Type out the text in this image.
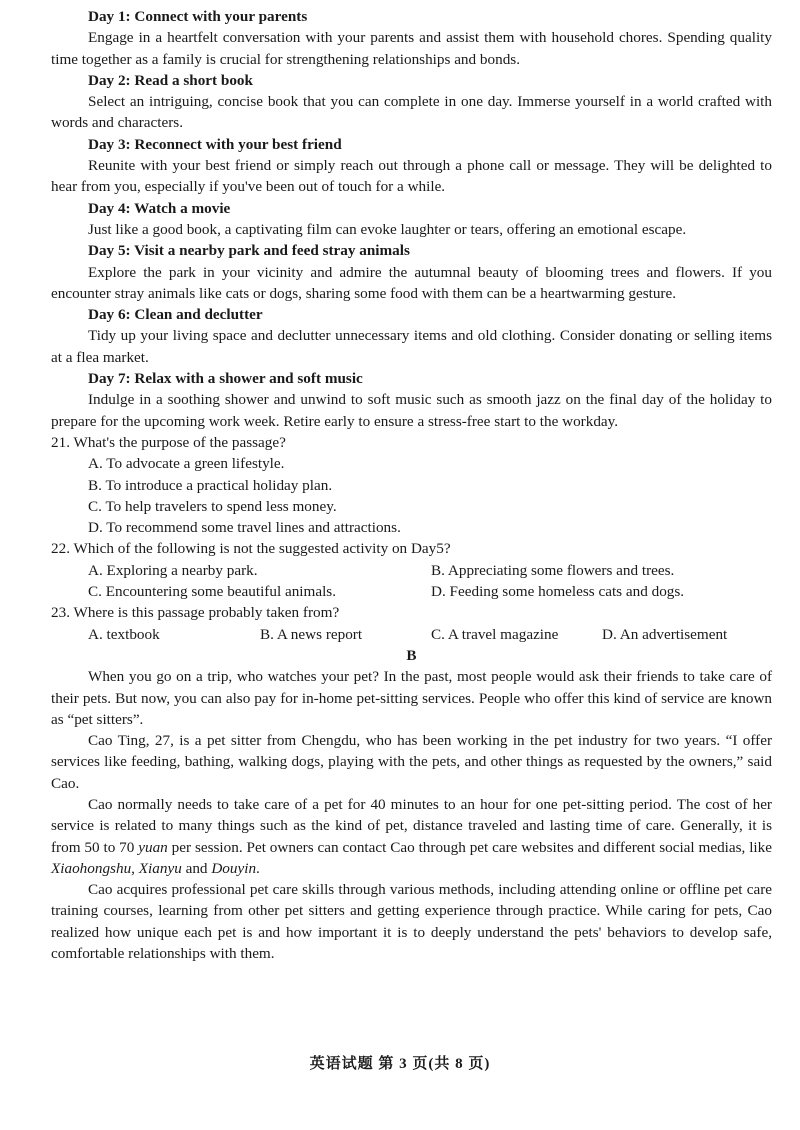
Day 1: Connect with your parents

Engage in a heartfelt conversation with your parents and assist them with household chores. Spending quality time together as a family is crucial for strengthening relationships and bonds.

Day 2: Read a short book

Select an intriguing, concise book that you can complete in one day. Immerse yourself in a world crafted with words and characters.

Day 3: Reconnect with your best friend

Reunite with your best friend or simply reach out through a phone call or message. They will be delighted to hear from you, especially if you've been out of touch for a while.

Day 4: Watch a movie

Just like a good book, a captivating film can evoke laughter or tears, offering an emotional escape.

Day 5: Visit a nearby park and feed stray animals

Explore the park in your vicinity and admire the autumnal beauty of blooming trees and flowers. If you encounter stray animals like cats or dogs, sharing some food with them can be a heartwarming gesture.

Day 6: Clean and declutter

Tidy up your living space and declutter unnecessary items and old clothing. Consider donating or selling items at a flea market.

Day 7: Relax with a shower and soft music

Indulge in a soothing shower and unwind to soft music such as smooth jazz on the final day of the holiday to prepare for the upcoming work week. Retire early to ensure a stress-free start to the workday.

21. What's the purpose of the passage?
A. To advocate a green lifestyle.
B. To introduce a practical holiday plan.
C. To help travelers to spend less money.
D. To recommend some travel lines and attractions.
22. Which of the following is not the suggested activity on Day5?
A. Exploring a nearby park.	B. Appreciating some flowers and trees.
C. Encountering some beautiful animals.	D. Feeding some homeless cats and dogs.
23. Where is this passage probably taken from?
A. textbook	B. A news report	C. A travel magazine	D. An advertisement

B

When you go on a trip, who watches your pet? In the past, most people would ask their friends to take care of their pets. But now, you can also pay for in-home pet-sitting services. People who offer this kind of service are known as “pet sitters”.

Cao Ting, 27, is a pet sitter from Chengdu, who has been working in the pet industry for two years. “I offer services like feeding, bathing, walking dogs, playing with the pets, and other things as requested by the owners,” said Cao.

Cao normally needs to take care of a pet for 40 minutes to an hour for one pet-sitting period. The cost of her service is related to many things such as the kind of pet, distance traveled and lasting time of care. Generally, it is from 50 to 70 yuan per session. Pet owners can contact Cao through pet care websites and different social medias, like Xiaohongshu, Xianyu and Douyin.

Cao acquires professional pet care skills through various methods, including attending online or offline pet care training courses, learning from other pet sitters and getting experience through practice. While caring for pets, Cao realized how unique each pet is and how important it is to deeply understand the pets' behaviors to develop safe, comfortable relationships with them.

英语试题 第 3 页(共 8 页)
